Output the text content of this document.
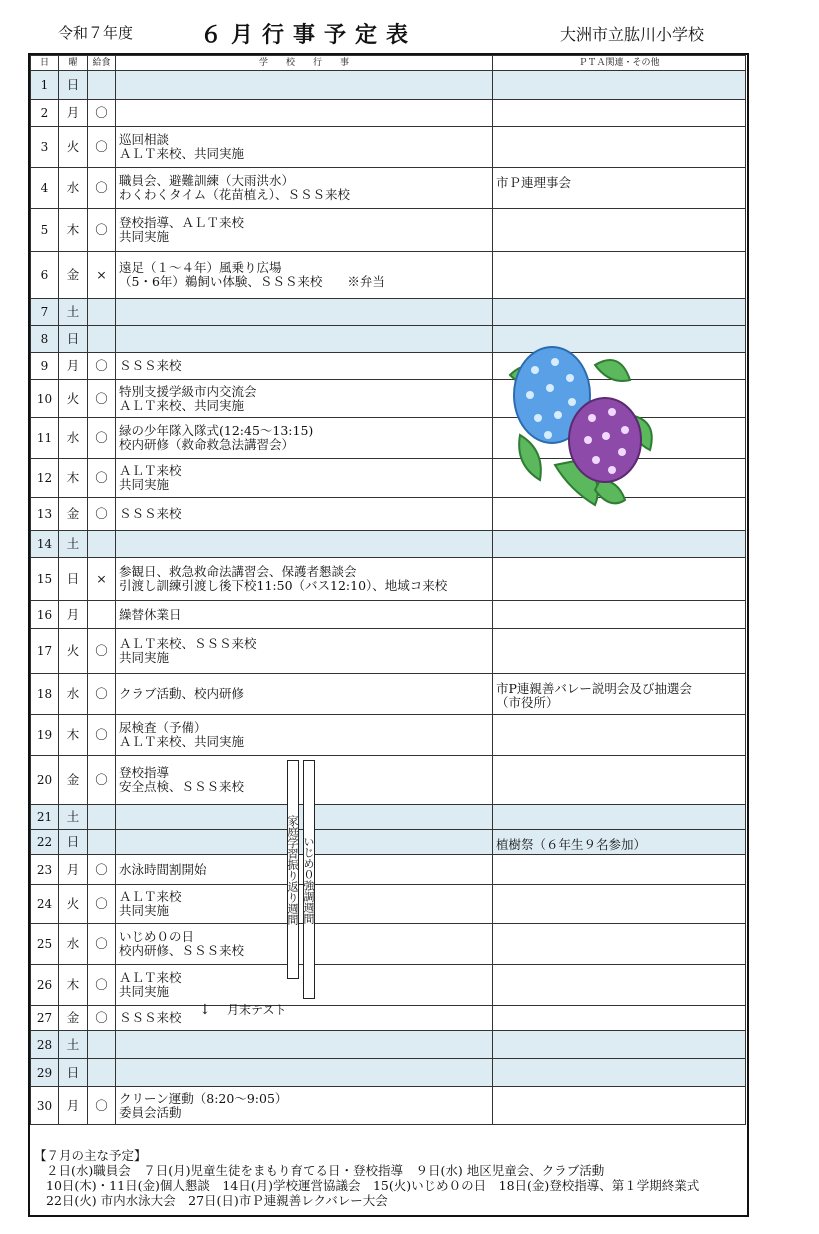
令和７年度	６月行事予定表	大洲市立肱川小学校
日	曜	給食	学　　校　　行　　事	ＰＴＡ関連・その他
1	日		

2	月	〇	

3	火	〇	巡回相談
ＡＬＴ来校、共同実施	

4	水	〇	職員会、避難訓練（大雨洪水）
わくわくタイム（花苗植え）、ＳＳＳ来校	市Ｐ連理事会

5	木	〇	登校指導、ＡＬＴ来校
共同実施	

6	金	×	遠足（１～４年）風乗り広場
（5・6年）鵜飼い体験、ＳＳＳ来校　　※弁当	

7	土		

8	日		

9	月	〇	ＳＳＳ来校	

10	火	〇	特別支援学級市内交流会
ＡＬＴ来校、共同実施	

11	水	〇	緑の少年隊入隊式(12:45～13:15)
校内研修（救命救急法講習会）	

12	木	〇	ＡＬＴ来校
共同実施	

13	金	〇	ＳＳＳ来校	

14	土		

15	日	×	参観日、救急救命法講習会、保護者懇談会
引渡し訓練引渡し後下校11:50（バス12:10）、地域コ来校	

16	月		繰替休業日	

17	火	〇	ＡＬＴ来校、ＳＳＳ来校
共同実施	

18	水	〇	クラブ活動、校内研修	市P連親善バレー説明会及び抽選会
（市役所）

19	木	〇	尿検査（予備）
ＡＬＴ来校、共同実施	

20	金	〇	登校指導
安全点検、ＳＳＳ来校	

21	土		

22	日			植樹祭（６年生９名参加）

23	月	〇	水泳時間割開始	

24	火	〇	ＡＬＴ来校
共同実施	

25	水	〇	いじめ０の日
校内研修、ＳＳＳ来校	

26	木	〇	ＡＬＴ来校
共同実施	

27	金	〇	ＳＳＳ来校	

28	土		

29	日		

30	月	〇	クリーン運動（8:20～9:05）
委員会活動	

家庭学習振り返り週間 いじめ０強調週間
月末テスト
↓
【７月の主な予定】
２日(水)職員会　７日(月)児童生徒をまもり育てる日・登校指導　９日(水) 地区児童会、クラブ活動
10日(木)・11日(金)個人懇談　14日(月)学校運営協議会　15(火)いじめ０の日　18日(金)登校指導、第１学期終業式
22日(火) 市内水泳大会　27日(日)市Ｐ連親善レクバレー大会
